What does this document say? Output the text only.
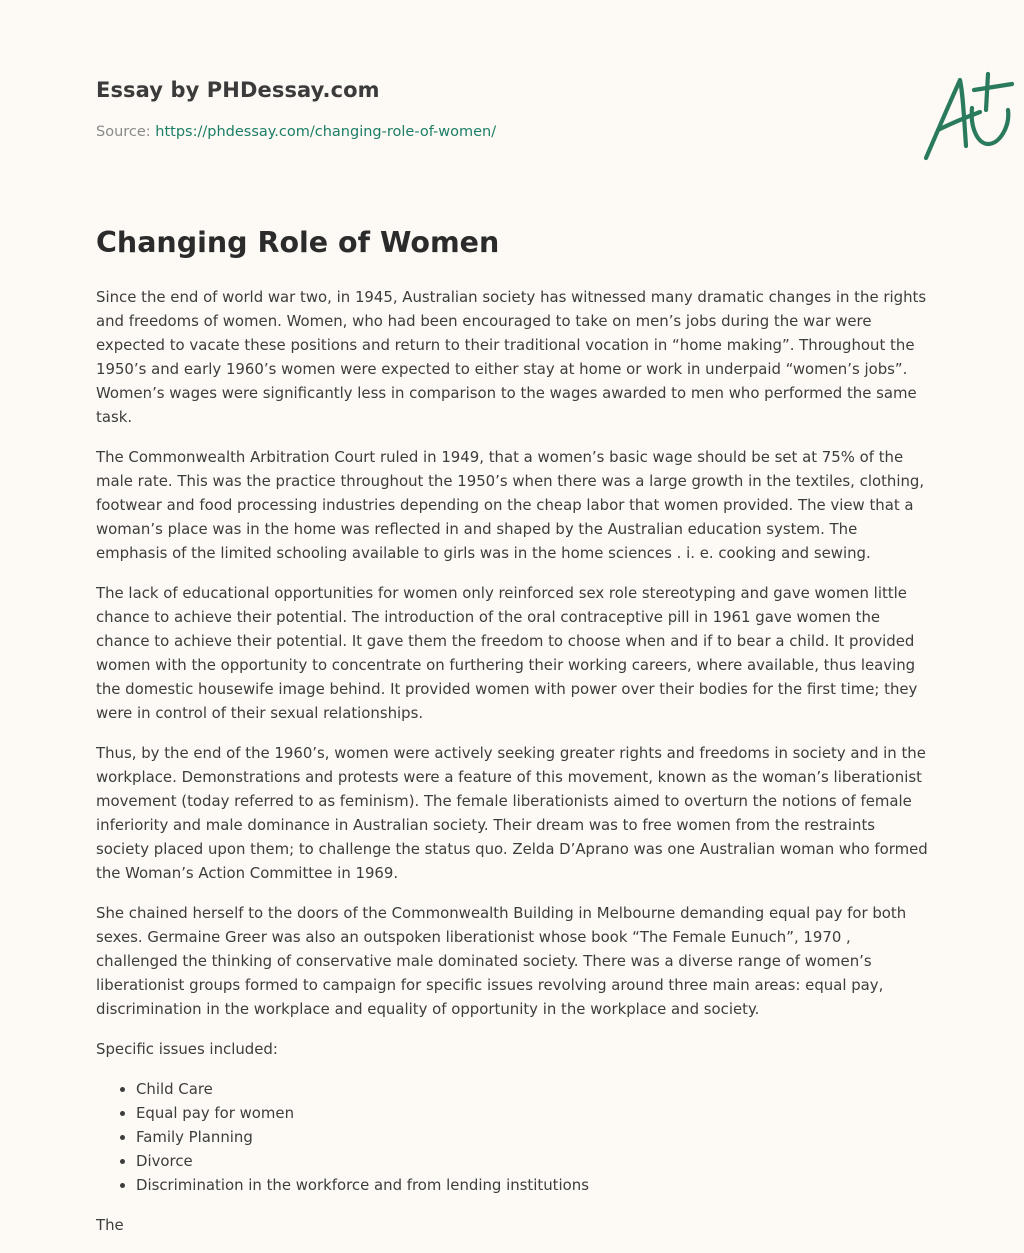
Essay by PHDessay.com
Source: https://phdessay.com/changing-role-of-women/
Changing Role of Women

Since the end of world war two, in 1945, Australian society has witnessed many dramatic changes in the rights and freedoms of women. Women, who had been encouraged to take on men’s jobs during the war were expected to vacate these positions and return to their traditional vocation in “home making”. Throughout the 1950’s and early 1960’s women were expected to either stay at home or work in underpaid “women’s jobs”. Women’s wages were significantly less in comparison to the wages awarded to men who performed the same task.

The Commonwealth Arbitration Court ruled in 1949, that a women’s basic wage should be set at 75% of the male rate. This was the practice throughout the 1950’s when there was a large growth in the textiles, clothing, footwear and food processing industries depending on the cheap labor that women provided. The view that a woman’s place was in the home was reflected in and shaped by the Australian education system. The emphasis of the limited schooling available to girls was in the home sciences . i. e. cooking and sewing.

The lack of educational opportunities for women only reinforced sex role stereotyping and gave women little chance to achieve their potential. The introduction of the oral contraceptive pill in 1961 gave women the chance to achieve their potential. It gave them the freedom to choose when and if to bear a child. It provided women with the opportunity to concentrate on furthering their working careers, where available, thus leaving the domestic housewife image behind. It provided women with power over their bodies for the first time; they were in control of their sexual relationships.

Thus, by the end of the 1960’s, women were actively seeking greater rights and freedoms in society and in the workplace. Demonstrations and protests were a feature of this movement, known as the woman’s liberationist movement (today referred to as feminism). The female liberationists aimed to overturn the notions of female inferiority and male dominance in Australian society. Their dream was to free women from the restraints society placed upon them; to challenge the status quo. Zelda D’Aprano was one Australian woman who formed the Woman’s Action Committee in 1969.

She chained herself to the doors of the Commonwealth Building in Melbourne demanding equal pay for both sexes. Germaine Greer was also an outspoken liberationist whose book “The Female Eunuch”, 1970 , challenged the thinking of conservative male dominated society. There was a diverse range of women’s liberationist groups formed to campaign for specific issues revolving around three main areas: equal pay, discrimination in the workplace and equality of opportunity in the workplace and society.

Specific issues included:

• Child Care
• Equal pay for women
• Family Planning
• Divorce
• Discrimination in the workforce and from lending institutions

The
